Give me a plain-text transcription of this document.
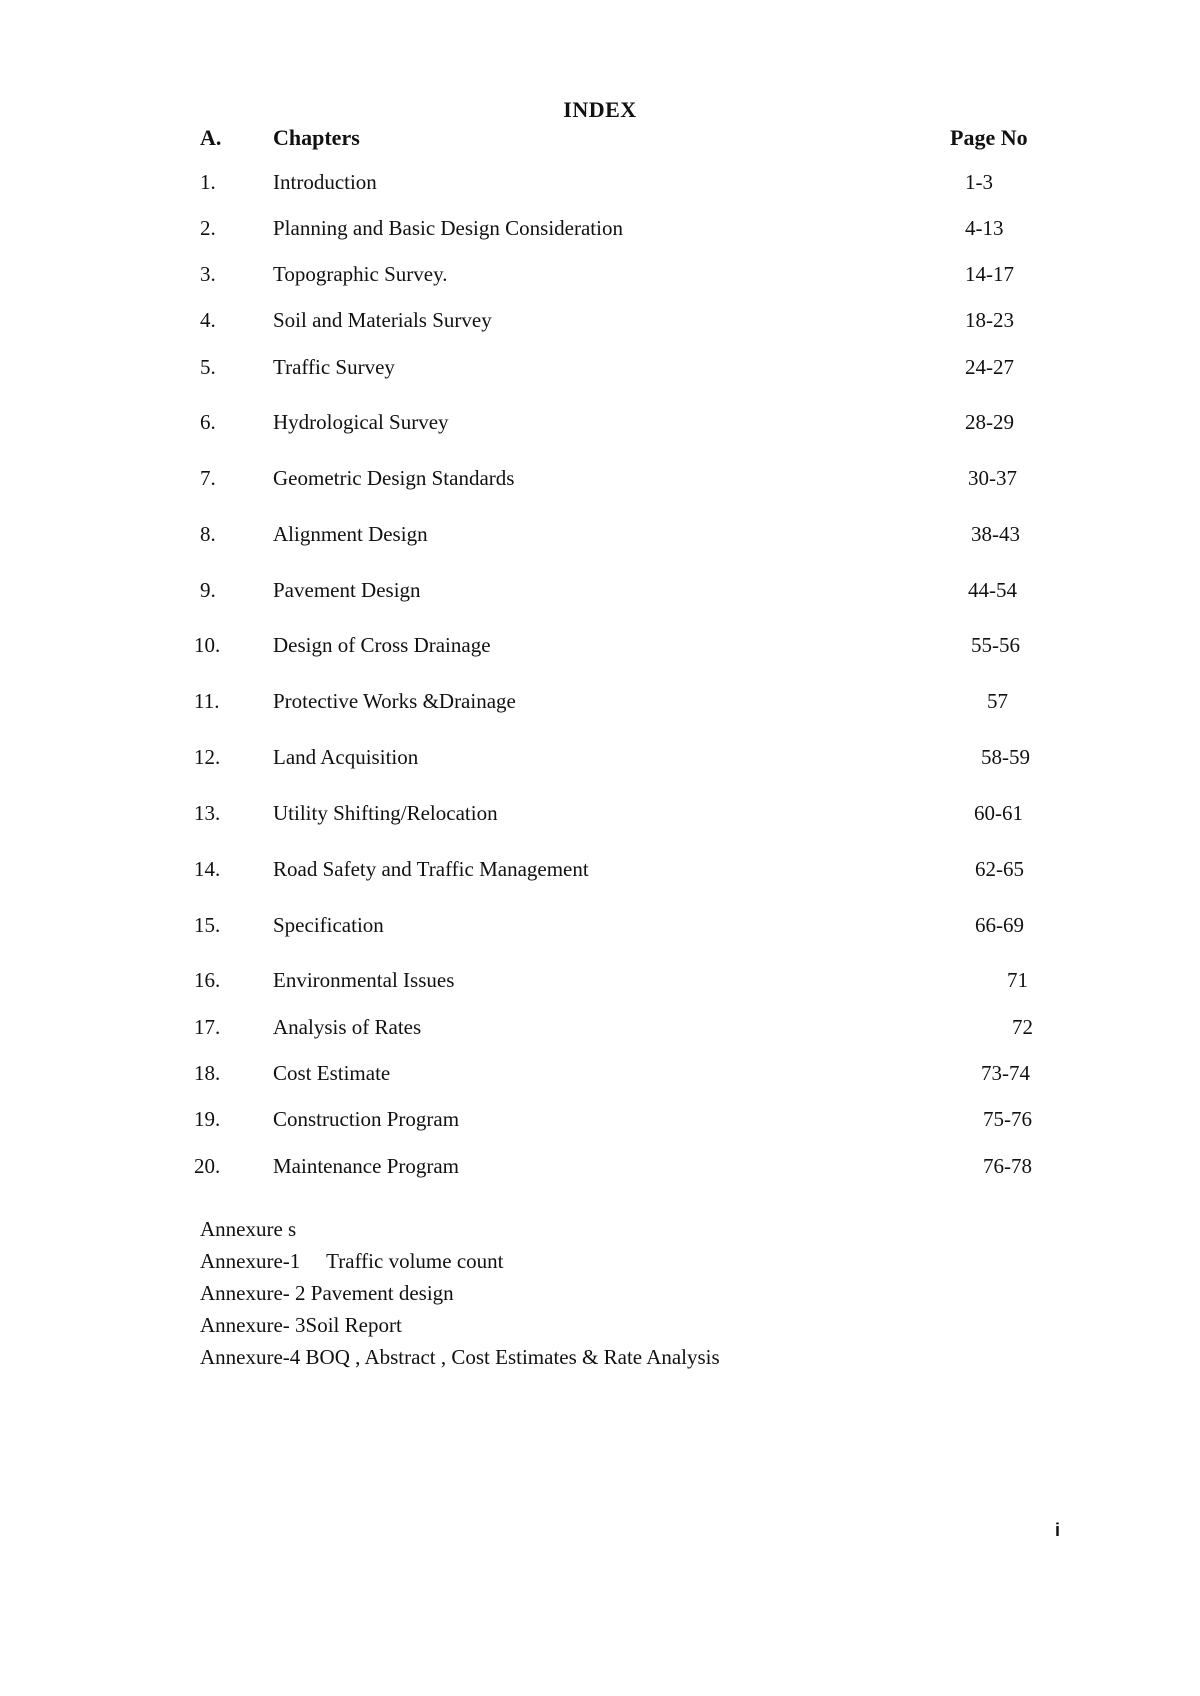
INDEX
A. Chapters	Page No
1.	Introduction	1-3
2.	Planning and Basic Design Consideration	4-13
3.	Topographic Survey.	14-17
4.	Soil and Materials Survey	18-23
5.	Traffic Survey	24-27
6.	Hydrological Survey	28-29
7.	Geometric Design Standards	30-37
8.	Alignment Design	38-43
9.	Pavement Design	44-54
10.	Design of Cross Drainage	55-56
11.	Protective Works &Drainage	57
12.	Land Acquisition	58-59
13.	Utility Shifting/Relocation	60-61
14.	Road Safety and Traffic Management	62-65
15.	Specification	66-69
16.	Environmental Issues	71
17.	Analysis of Rates	72
18.	Cost Estimate	73-74
19.	Construction Program	75-76
20.	Maintenance Program	76-78
Annexure s
Annexure-1     Traffic volume count
Annexure- 2 Pavement design
Annexure- 3Soil Report
Annexure-4 BOQ , Abstract , Cost Estimates & Rate Analysis
i
